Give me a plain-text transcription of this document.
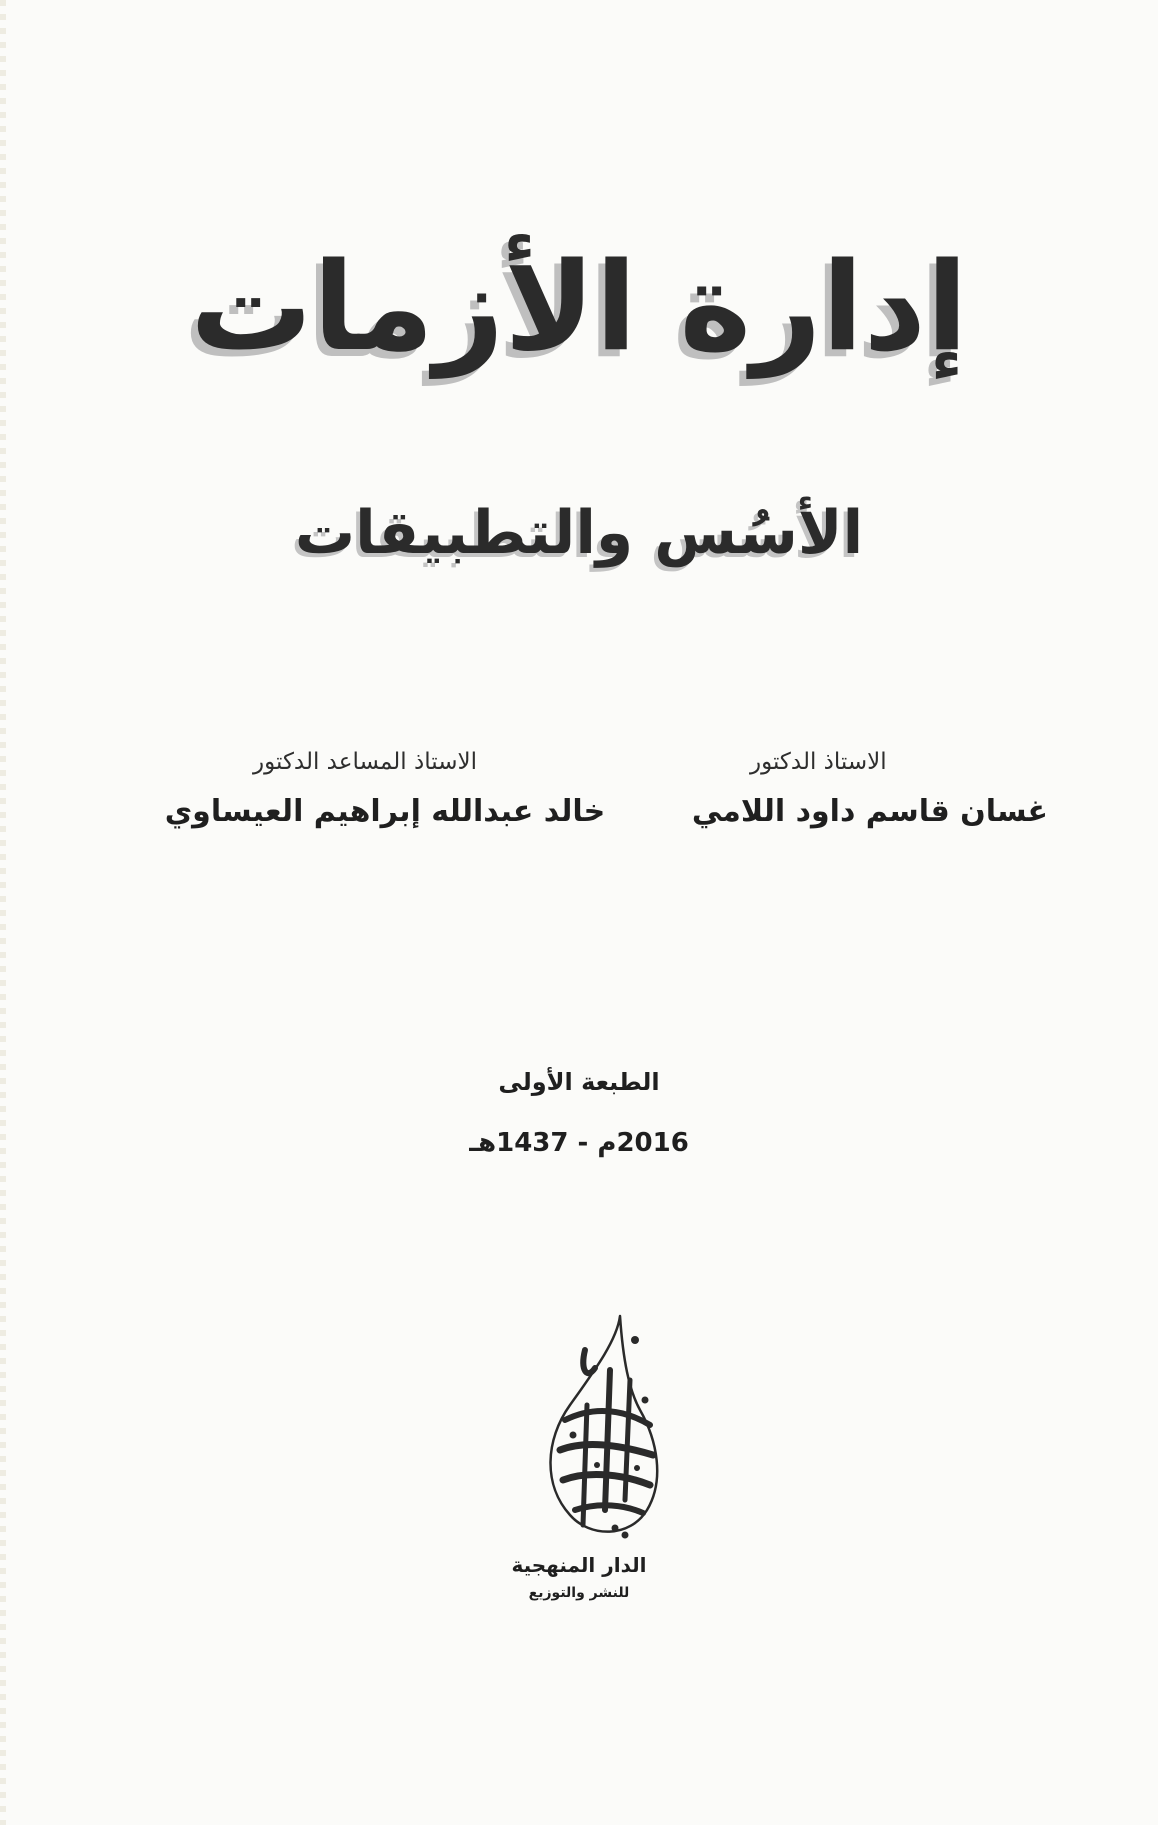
إدارة الأزمات
الأسُس والتطبيقات
الاستاذ الدكتور
غسان قاسم داود اللامي
الاستاذ المساعد الدكتور
خالد عبدالله إبراهيم العيساوي
الطبعة الأولى
2016م - 1437هـ
الدار المنهجية
للنشر والتوزيع
